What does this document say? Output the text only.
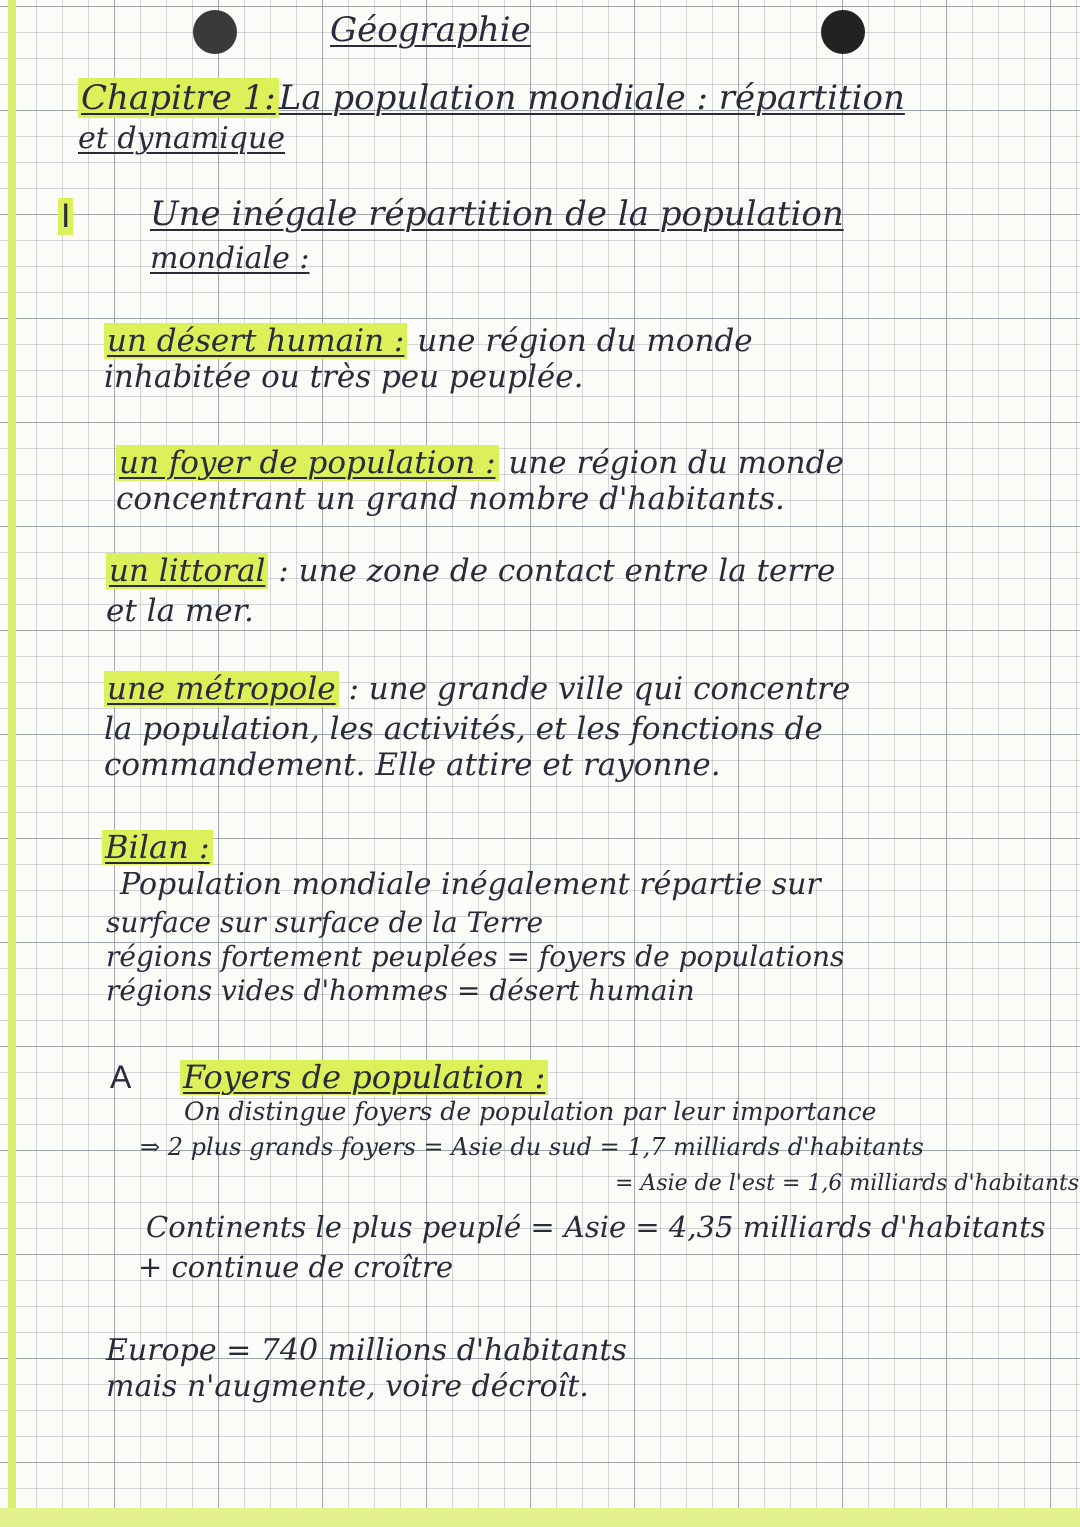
Géographie
Chapitre 1:La population mondiale : répartition
et dynamique
I Une inégale répartition de la population
mondiale :
un désert humain : une région du monde
inhabitée ou très peu peuplée.
un foyer de population : une région du monde
concentrant un grand nombre d'habitants.
un littoral : une zone de contact entre la terre
et la mer.
une métropole : une grande ville qui concentre
la population, les activités, et les fonctions de
commandement. Elle attire et rayonne.
Bilan :
Population mondiale inégalement répartie sur
surface sur surface de la Terre
régions fortement peuplées = foyers de populations
régions vides d'hommes = désert humain
A Foyers de population :
On distingue foyers de population par leur importance
⇒ 2 plus grands foyers = Asie du sud = 1,7 milliards d'habitants
= Asie de l'est = 1,6 milliards d'habitants
Continents le plus peuplé = Asie = 4,35 milliards d'habitants
+ continue de croître
Europe = 740 millions d'habitants
mais n'augmente, voire décroît.
